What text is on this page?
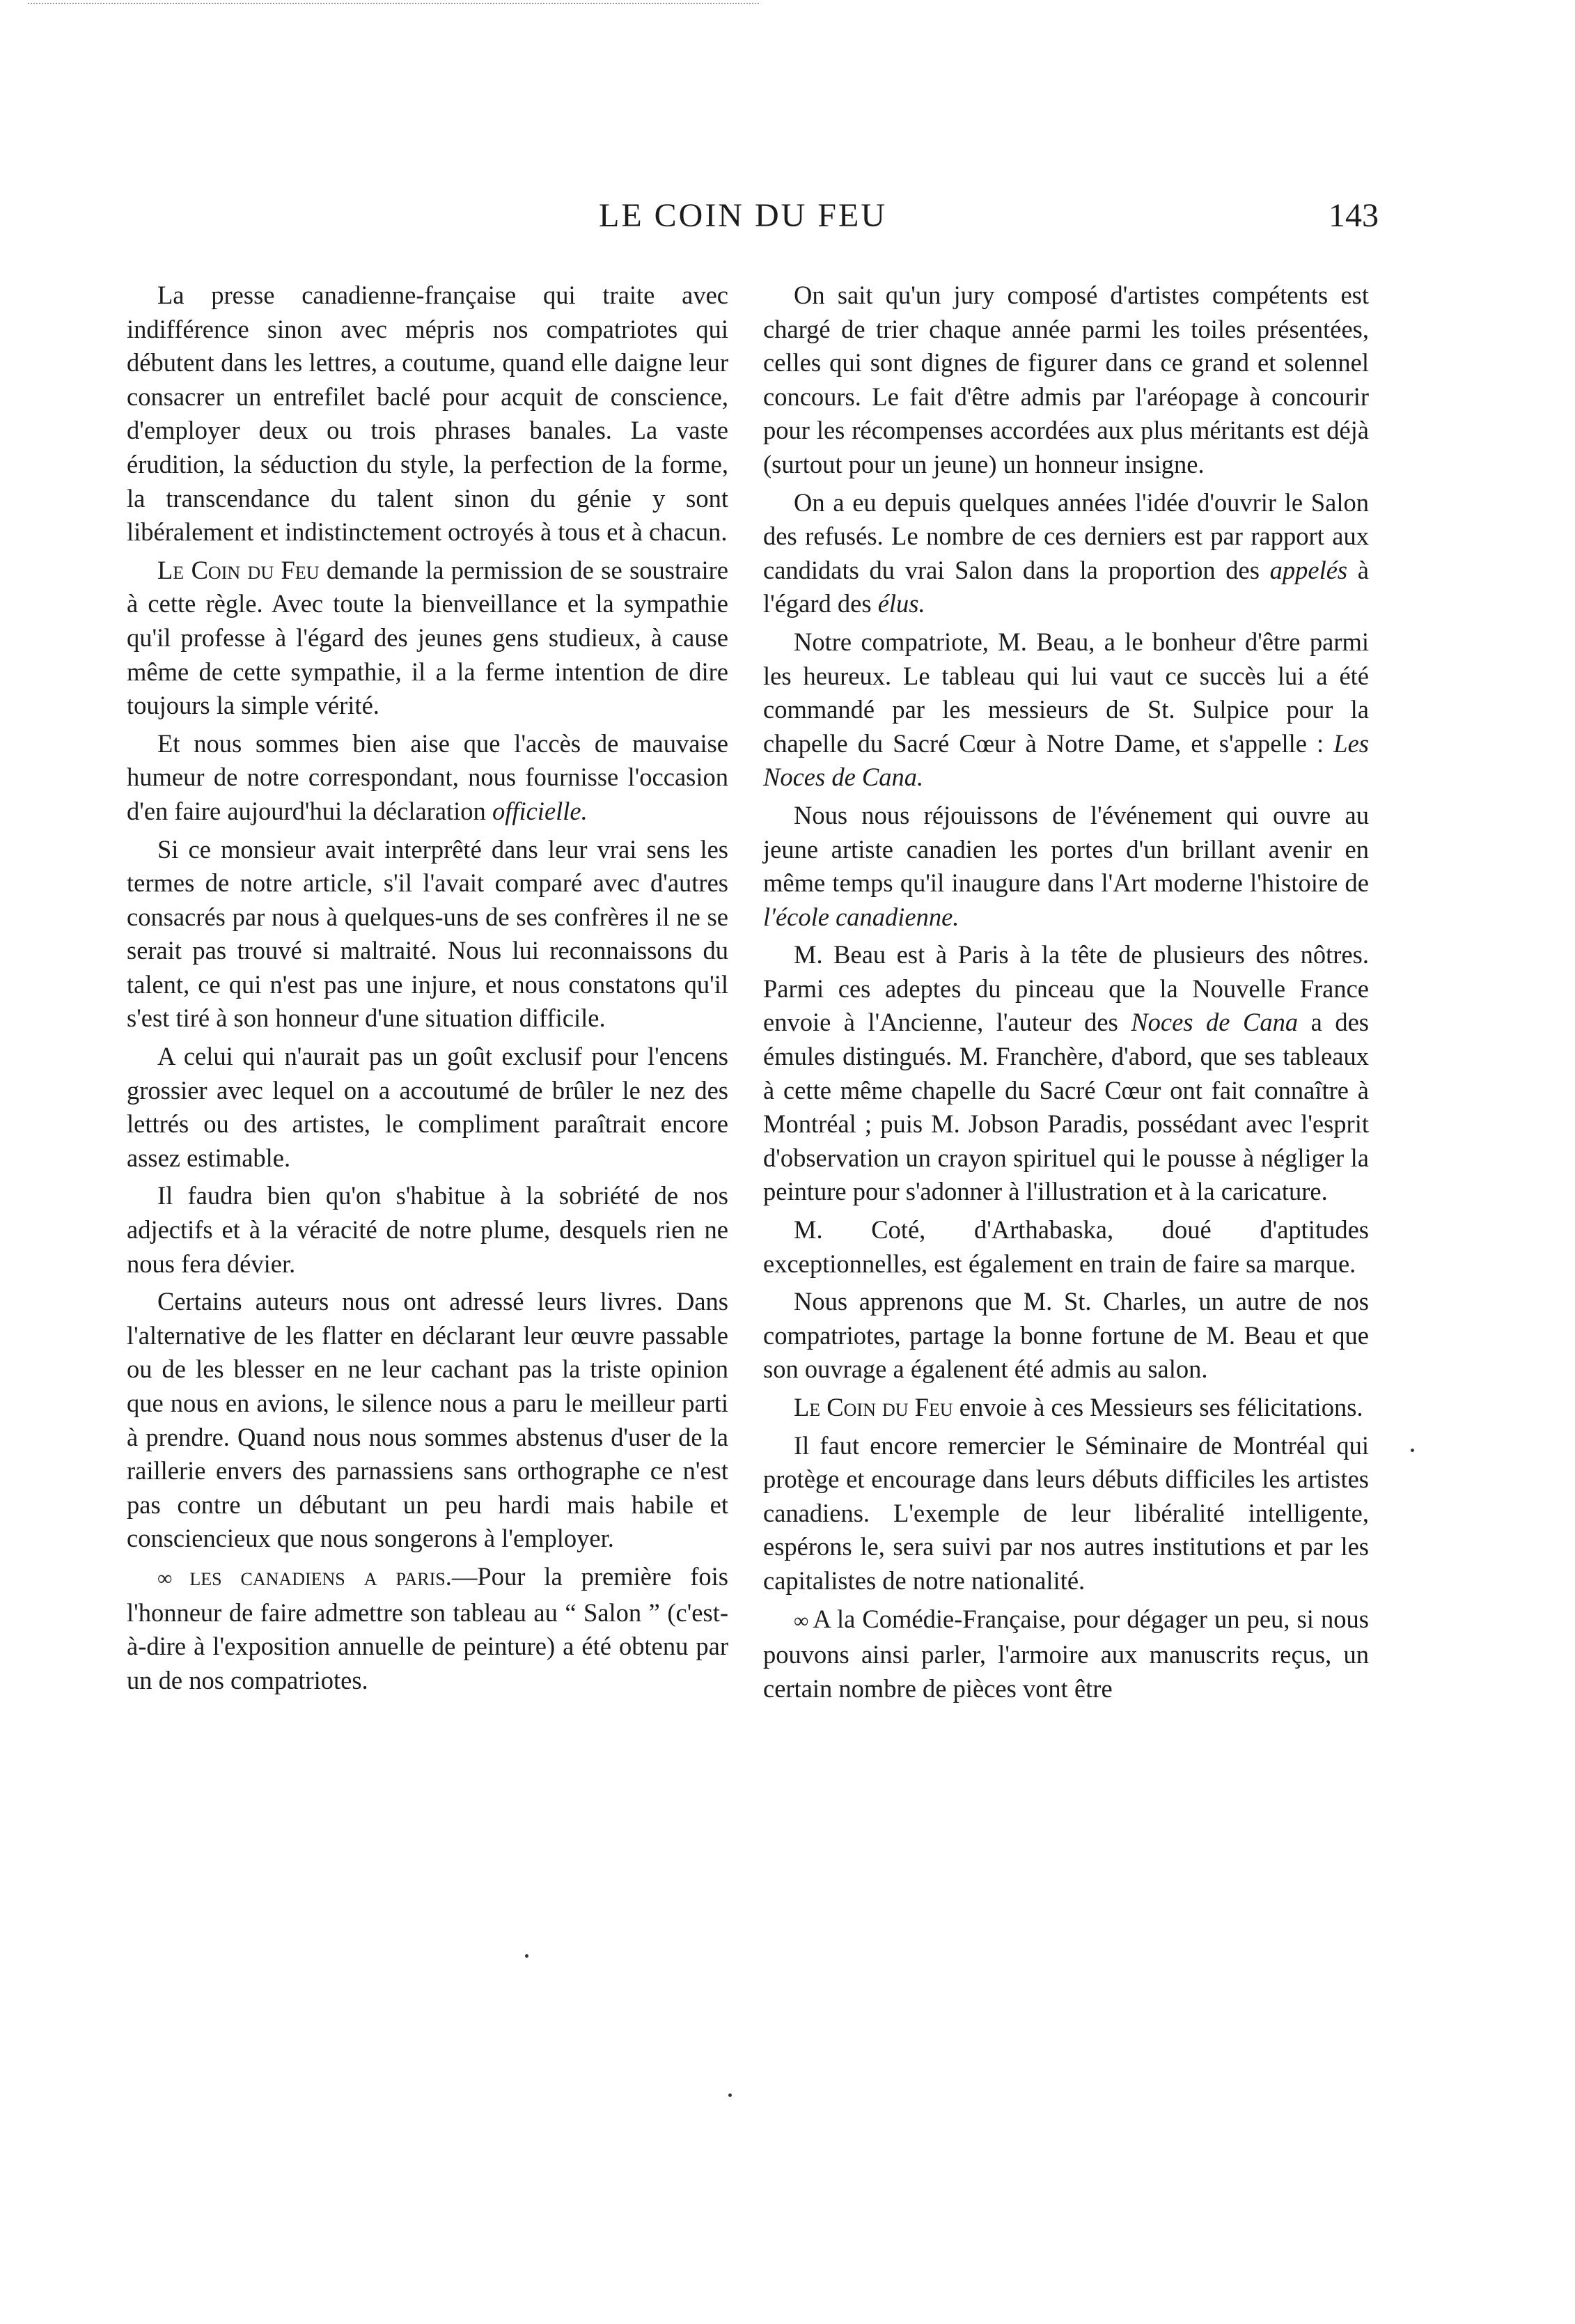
LE COIN DU FEU	143

La presse canadienne-française qui traite avec indifférence sinon avec mépris nos compatriotes qui débutent dans les lettres, a coutume, quand elle daigne leur consacrer un entrefilet baclé pour acquit de conscience, d'employer deux ou trois phrases banales. La vaste érudition, la séduction du style, la perfection de la forme, la transcendance du talent sinon du génie y sont libéralement et indistinctement octroyés à tous et à chacun.

Le Coin du Feu demande la permission de se soustraire à cette règle. Avec toute la bienveillance et la sympathie qu'il professe à l'égard des jeunes gens studieux, à cause même de cette sympathie, il a la ferme intention de dire toujours la simple vérité.

Et nous sommes bien aise que l'accès de mauvaise humeur de notre correspondant, nous fournisse l'occasion d'en faire aujourd'hui la déclaration officielle.

Si ce monsieur avait interprêté dans leur vrai sens les termes de notre article, s'il l'avait comparé avec d'autres consacrés par nous à quelques-uns de ses confrères il ne se serait pas trouvé si maltraité. Nous lui reconnaissons du talent, ce qui n'est pas une injure, et nous constatons qu'il s'est tiré à son honneur d'une situation difficile.

A celui qui n'aurait pas un goût exclusif pour l'encens grossier avec lequel on a accoutumé de brûler le nez des lettrés ou des artistes, le compliment paraîtrait encore assez estimable.

Il faudra bien qu'on s'habitue à la sobriété de nos adjectifs et à la véracité de notre plume, desquels rien ne nous fera dévier.

Certains auteurs nous ont adressé leurs livres. Dans l'alternative de les flatter en déclarant leur œuvre passable ou de les blesser en ne leur cachant pas la triste opinion que nous en avions, le silence nous a paru le meilleur parti à prendre. Quand nous nous sommes abstenus d'user de la raillerie envers des parnassiens sans orthographe ce n'est pas contre un débutant un peu hardi mais habile et consciencieux que nous songerons à l'employer.

∞ les canadiens a paris.—Pour la première fois l'honneur de faire admettre son tableau au “ Salon ” (c'est-à-dire à l'exposition annuelle de peinture) a été obtenu par un de nos compatriotes.

On sait qu'un jury composé d'artistes compétents est chargé de trier chaque année parmi les toiles présentées, celles qui sont dignes de figurer dans ce grand et solennel concours. Le fait d'être admis par l'aréopage à concourir pour les récompenses accordées aux plus méritants est déjà (surtout pour un jeune) un honneur insigne.

On a eu depuis quelques années l'idée d'ouvrir le Salon des refusés. Le nombre de ces derniers est par rapport aux candidats du vrai Salon dans la proportion des appelés à l'égard des élus.

Notre compatriote, M. Beau, a le bonheur d'être parmi les heureux. Le tableau qui lui vaut ce succès lui a été commandé par les messieurs de St. Sulpice pour la chapelle du Sacré Cœur à Notre Dame, et s'appelle : Les Noces de Cana.

Nous nous réjouissons de l'événement qui ouvre au jeune artiste canadien les portes d'un brillant avenir en même temps qu'il inaugure dans l'Art moderne l'histoire de l'école canadienne.

M. Beau est à Paris à la tête de plusieurs des nôtres. Parmi ces adeptes du pinceau que la Nouvelle France envoie à l'Ancienne, l'auteur des Noces de Cana a des émules distingués. M. Franchère, d'abord, que ses tableaux à cette même chapelle du Sacré Cœur ont fait connaître à Montréal ; puis M. Jobson Paradis, possédant avec l'esprit d'observation un crayon spirituel qui le pousse à négliger la peinture pour s'adonner à l'illustration et à la caricature.

M. Coté, d'Arthabaska, doué d'aptitudes exceptionnelles, est également en train de faire sa marque.

Nous apprenons que M. St. Charles, un autre de nos compatriotes, partage la bonne fortune de M. Beau et que son ouvrage a égalenent été admis au salon.

Le Coin du Feu envoie à ces Messieurs ses félicitations.

Il faut encore remercier le Séminaire de Montréal qui protège et encourage dans leurs débuts difficiles les artistes canadiens. L'exemple de leur libéralité intelligente, espérons le, sera suivi par nos autres institutions et par les capitalistes de notre nationalité.

∞ A la Comédie-Française, pour dégager un peu, si nous pouvons ainsi parler, l'armoire aux manuscrits reçus, un certain nombre de pièces vont être
